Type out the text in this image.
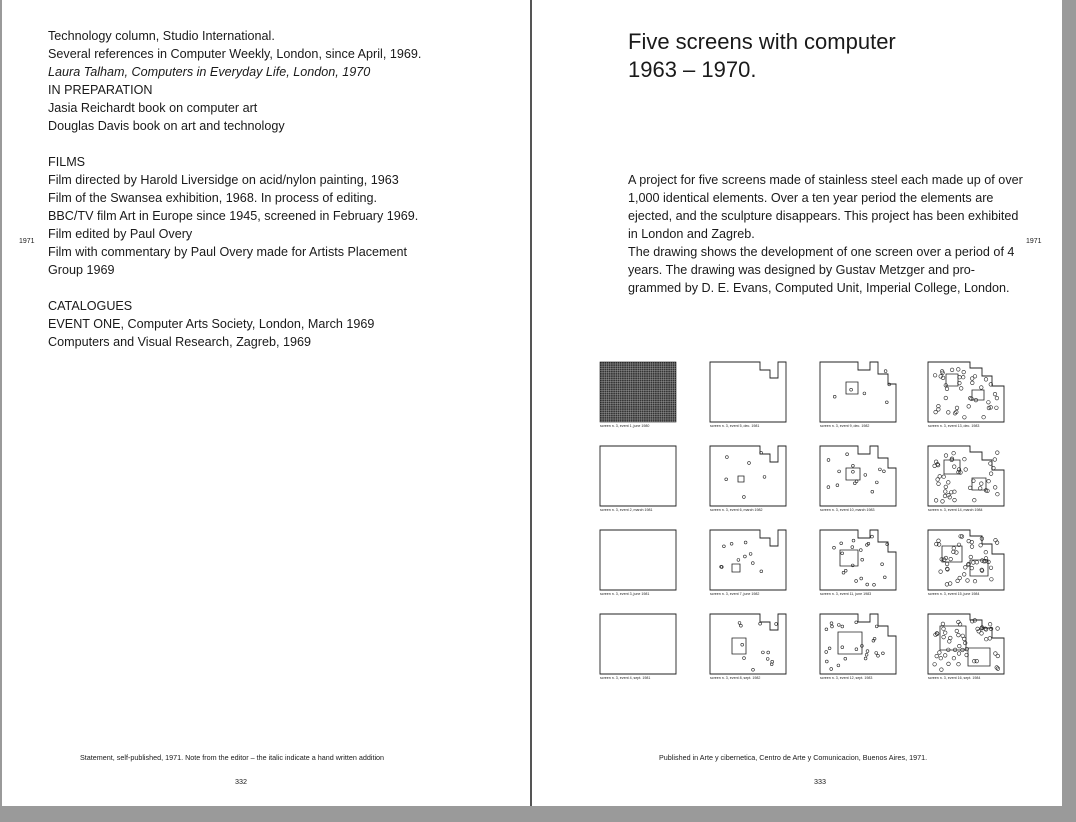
1971
Technology column, Studio International.
Several references in Computer Weekly, London, since April, 1969.
Laura Talham, Computers in Everyday Life, London, 1970
IN PREPARATION
Jasia Reichardt book on computer art
Douglas Davis book on art and technology
FILMS
Film directed by Harold Liversidge on acid/nylon painting, 1963
Film of the Swansea exhibition, 1968. In process of editing.
BBC/TV film Art in Europe since 1945, screened in February 1969.
Film edited by Paul Overy
Film with commentary by Paul Overy made for Artists Placement
Group 1969
CATALOGUES
EVENT ONE, Computer Arts Society, London, March 1969
Computers and Visual Research, Zagreb, 1969
Statement, self-published, 1971. Note from the editor – the italic indicate a hand written addition
332
Five screens with computer
1963 – 1970.

A project for five screens made of stainless steel each made up of over 1,000 identical elements. Over a ten year period the elements are ejected, and the sculpture disappears. This project has been exhibited in London and Zagreb.

The drawing shows the development of one screen over a period of 4 years. The drawing was designed by Gustav Metzger and pro-grammed by D. E. Evans, Computed Unit, Imperial College, London.

1971
screen n. 3, event 1, june 1980	screen n. 3, event 5, dec. 1981	screen n. 3, event 9, dec. 1982	screen n. 3, event 13, dec. 1983
screen n. 3, event 2, march 1981	screen n. 3, event 6, march 1982	screen n. 3, event 10, march 1983	screen n. 3, event 14, march 1984
screen n. 3, event 3, june 1981	screen n. 3, event 7, june 1982	screen n. 3, event 11, june 1983	screen n. 3, event 15, june 1984
screen n. 3, event 4, sept. 1981	screen n. 3, event 8, sept. 1982	screen n. 3, event 12, sept. 1983	screen n. 3, event 16, sept. 1984
Published in Arte y cibernetica, Centro de Arte y Comunicacion, Buenos Aires, 1971.
333
